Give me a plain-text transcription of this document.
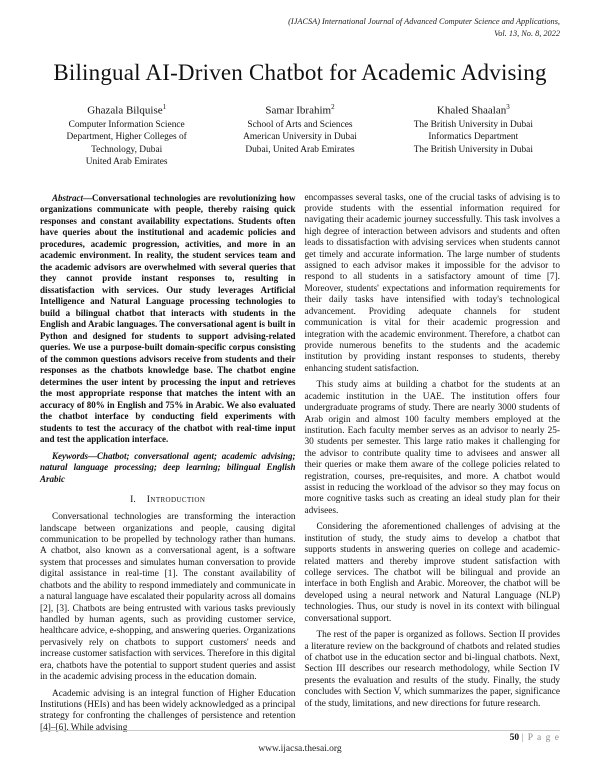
(IJACSA) International Journal of Advanced Computer Science and Applications,
Vol. 13, No. 8, 2022
Bilingual AI-Driven Chatbot for Academic Advising
Ghazala Bilquise$^1$
Computer Information Science
Department, Higher Colleges of
Technology, Dubai
United Arab Emirates
Samar Ibrahim$^2$
School of Arts and Sciences
American University in Dubai
Dubai, United Arab Emirates
Khaled Shaalan$^3$
The British University in Dubai
Informatics Department
The British University in Dubai

Abstract—Conversational technologies are revolutionizing how organizations communicate with people, thereby raising quick responses and constant availability expectations. Students often have queries about the institutional and academic policies and procedures, academic progression, activities, and more in an academic environment. In reality, the student services team and the academic advisors are overwhelmed with several queries that they cannot provide instant responses to, resulting in dissatisfaction with services. Our study leverages Artificial Intelligence and Natural Language processing technologies to build a bilingual chatbot that interacts with students in the English and Arabic languages. The conversational agent is built in Python and designed for students to support advising-related queries. We use a purpose-built domain-specific corpus consisting of the common questions advisors receive from students and their responses as the chatbots knowledge base. The chatbot engine determines the user intent by processing the input and retrieves the most appropriate response that matches the intent with an accuracy of 80% in English and 75% in Arabic. We also evaluated the chatbot interface by conducting field experiments with students to test the accuracy of the chatbot with real-time input and test the application interface.

Keywords—Chatbot; conversational agent; academic advising; natural language processing; deep learning; bilingual English Arabic

I. Introduction

Conversational technologies are transforming the interaction landscape between organizations and people, causing digital communication to be propelled by technology rather than humans. A chatbot, also known as a conversational agent, is a software system that processes and simulates human conversation to provide digital assistance in real-time [1]. The constant availability of chatbots and the ability to respond immediately and communicate in a natural language have escalated their popularity across all domains [2], [3]. Chatbots are being entrusted with various tasks previously handled by human agents, such as providing customer service, healthcare advice, e-shopping, and answering queries. Organizations pervasively rely on chatbots to support customers' needs and increase customer satisfaction with services. Therefore in this digital era, chatbots have the potential to support student queries and assist in the academic advising process in the education domain.

Academic advising is an integral function of Higher Education Institutions (HEIs) and has been widely acknowledged as a principal strategy for confronting the challenges of persistence and retention [4]–[6]. While advising

encompasses several tasks, one of the crucial tasks of advising is to provide students with the essential information required for navigating their academic journey successfully. This task involves a high degree of interaction between advisors and students and often leads to dissatisfaction with advising services when students cannot get timely and accurate information. The large number of students assigned to each advisor makes it impossible for the advisor to respond to all students in a satisfactory amount of time [7]. Moreover, students' expectations and information requirements for their daily tasks have intensified with today's technological advancement. Providing adequate channels for student communication is vital for their academic progression and integration with the academic environment. Therefore, a chatbot can provide numerous benefits to the students and the academic institution by providing instant responses to students, thereby enhancing student satisfaction.

This study aims at building a chatbot for the students at an academic institution in the UAE. The institution offers four undergraduate programs of study. There are nearly 3000 students of Arab origin and almost 100 faculty members employed at the institution. Each faculty member serves as an advisor to nearly 25-30 students per semester. This large ratio makes it challenging for the advisor to contribute quality time to advisees and answer all their queries or make them aware of the college policies related to registration, courses, pre-requisites, and more. A chatbot would assist in reducing the workload of the advisor so they may focus on more cognitive tasks such as creating an ideal study plan for their advisees.

Considering the aforementioned challenges of advising at the institution of study, the study aims to develop a chatbot that supports students in answering queries on college and academic-related matters and thereby improve student satisfaction with college services. The chatbot will be bilingual and provide an interface in both English and Arabic. Moreover, the chatbot will be developed using a neural network and Natural Language (NLP) technologies. Thus, our study is novel in its context with bilingual conversational support.

The rest of the paper is organized as follows. Section II provides a literature review on the background of chatbots and related studies of chatbot use in the education sector and bi-lingual chatbots. Next, Section III describes our research methodology, while Section IV presents the evaluation and results of the study. Finally, the study concludes with Section V, which summarizes the paper, significance of the study, limitations, and new directions for future research.

50 | P a g e
www.ijacsa.thesai.org
